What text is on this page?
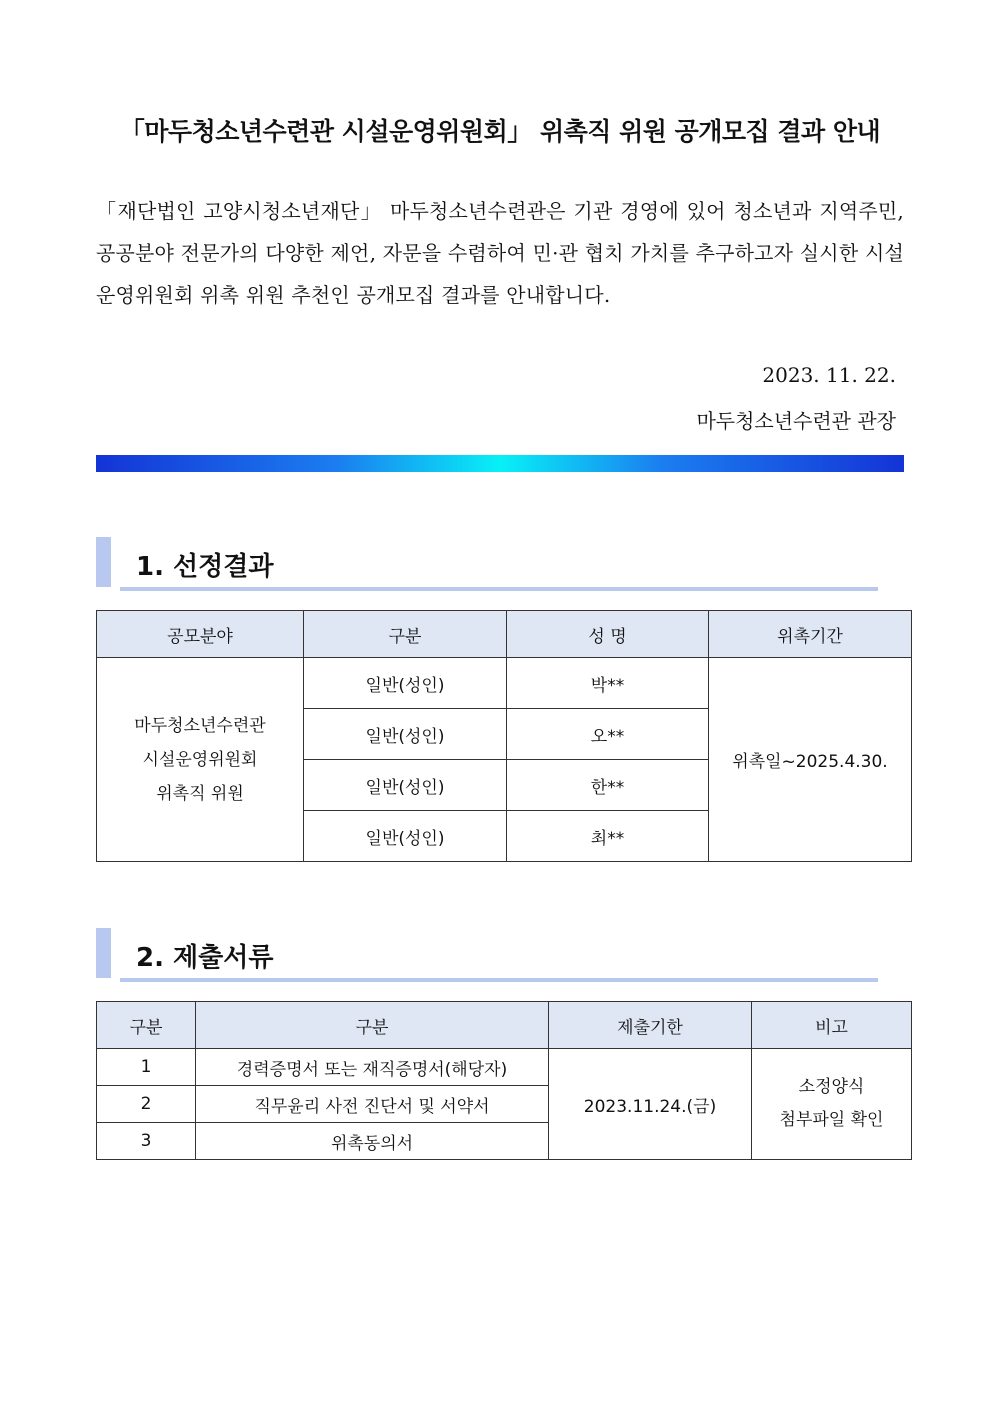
「마두청소년수련관 시설운영위원회」 위촉직 위원 공개모집 결과 안내
「재단법인 고양시청소년재단」 마두청소년수련관은 기관 경영에 있어 청소년과 지역주민, 공공분야 전문가의 다양한 제언, 자문을 수렴하여 민·관 협치 가치를 추구하고자 실시한 시설운영위원회 위촉 위원 추천인 공개모집 결과를 안내합니다.
2023. 11. 22.
마두청소년수련관 관장
1. 선정결과
공모분야	구분	성 명	위촉기간

마두청소년수련관
시설운영위원회
위촉직 위원	일반(성인)	박**	위촉일~2025.4.30.
	일반(성인)	오**	
	일반(성인)	한**	
	일반(성인)	최**	
2. 제출서류
구분	구분	제출기한	비고
1	경력증명서 또는 재직증명서(해당자)	2023.11.24.(금)	소정양식
첨부파일 확인

2	직무윤리 사전 진단서 및 서약서		
3	위촉동의서		
